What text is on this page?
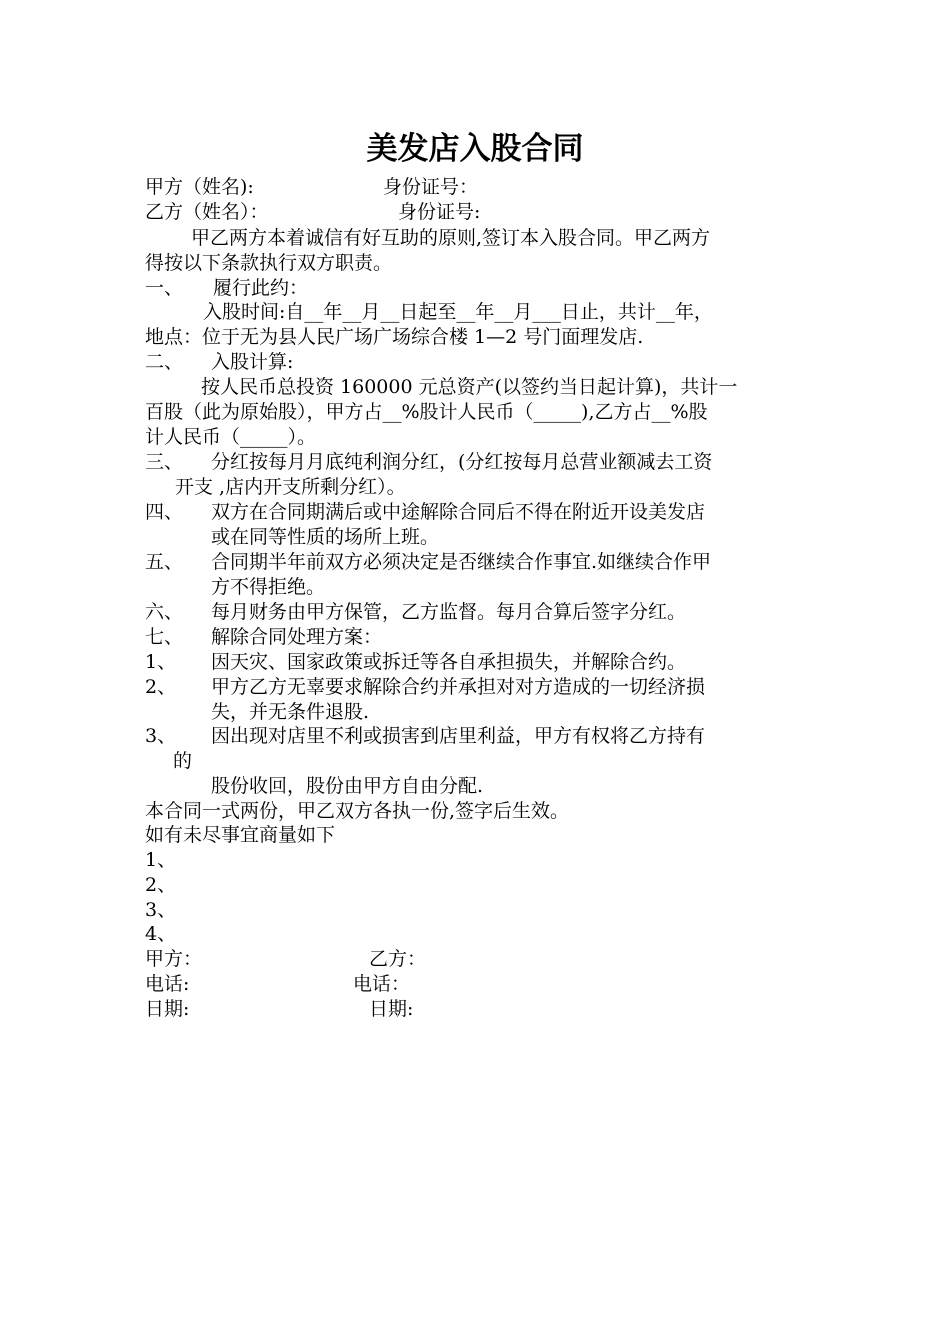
美发店入股合同
甲方（姓名):	身份证号：
乙方（姓名）：	身份证号:
甲乙两方本着诚信有好互助的原则,签订本入股合同。甲乙两方
得按以下条款执行双方职责。
一、 履行此约：
入股时间:自__年__月__日起至__年__月___日止，共计__年，
地点：位于无为县人民广场广场综合楼 1—2 号门面理发店.
二、 入股计算:
按人民币总投资 160000 元总资产(以签约当日起计算)，共计一
百股（此为原始股），甲方占__%股计人民币（_____),乙方占__%股
计人民币（_____）。
三、 分红按每月月底纯利润分红，(分红按每月总营业额减去工资
开支 ,店内开支所剩分红）。
四、 双方在合同期满后或中途解除合同后不得在附近开设美发店
或在同等性质的场所上班。
五、 合同期半年前双方必须决定是否继续合作事宜.如继续合作甲
方不得拒绝。
六、 每月财务由甲方保管，乙方监督。每月合算后签字分红。
七、 解除合同处理方案：
1、 因天灾、国家政策或拆迁等各自承担损失，并解除合约。
2、 甲方乙方无辜要求解除合约并承担对对方造成的一切经济损
失，并无条件退股.
3、 因出现对店里不利或损害到店里利益，甲方有权将乙方持有
的
股份收回，股份由甲方自由分配.
本合同一式两份，甲乙双方各执一份,签字后生效。
如有未尽事宜商量如下
1、
2、
3、
4、
甲方：	乙方：
电话:	电话：
日期:	日期:
